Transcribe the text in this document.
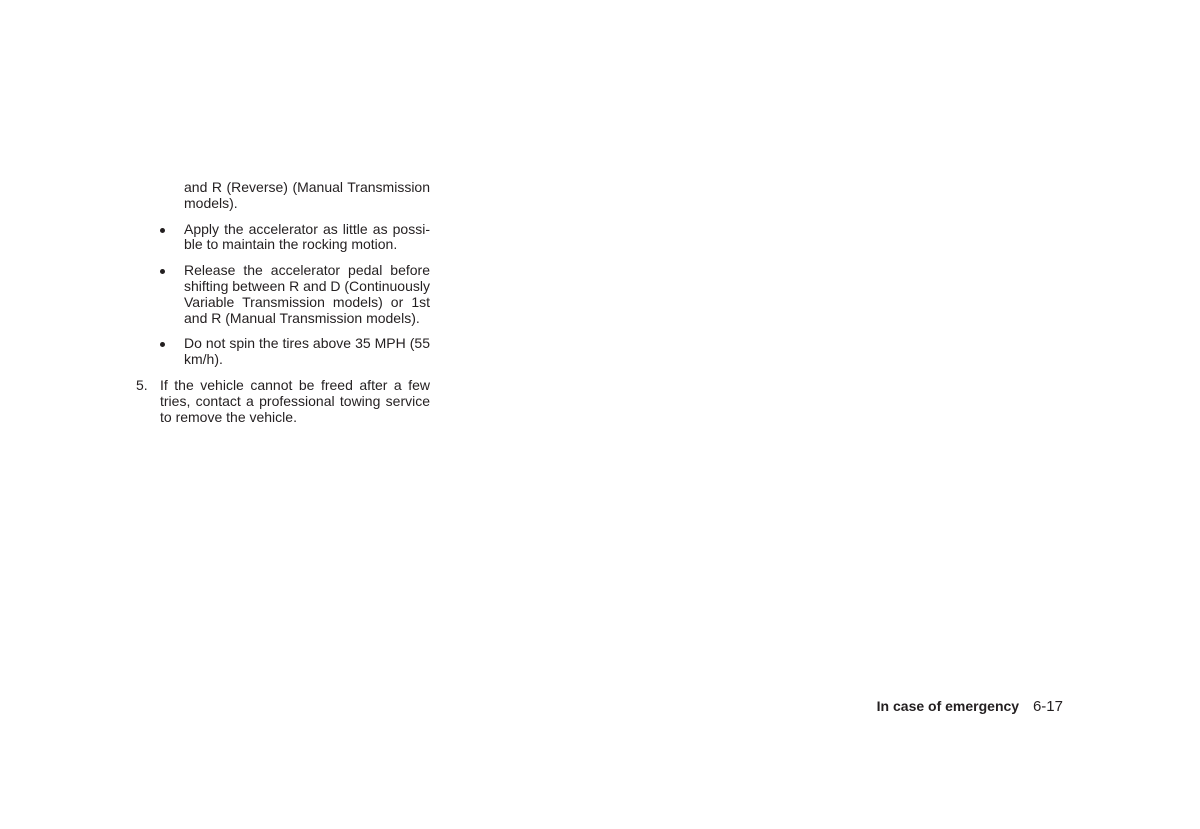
and R (Reverse) (Manual Transmission models).

Apply the accelerator as little as possible to maintain the rocking motion.
Release the accelerator pedal before shifting between R and D (Continuously Variable Transmission models) or 1st and R (Manual Transmission models).
Do not spin the tires above 35 MPH (55 km/h).
5. If the vehicle cannot be freed after a few tries, contact a professional towing service to remove the vehicle.
In case of emergency 6-17
